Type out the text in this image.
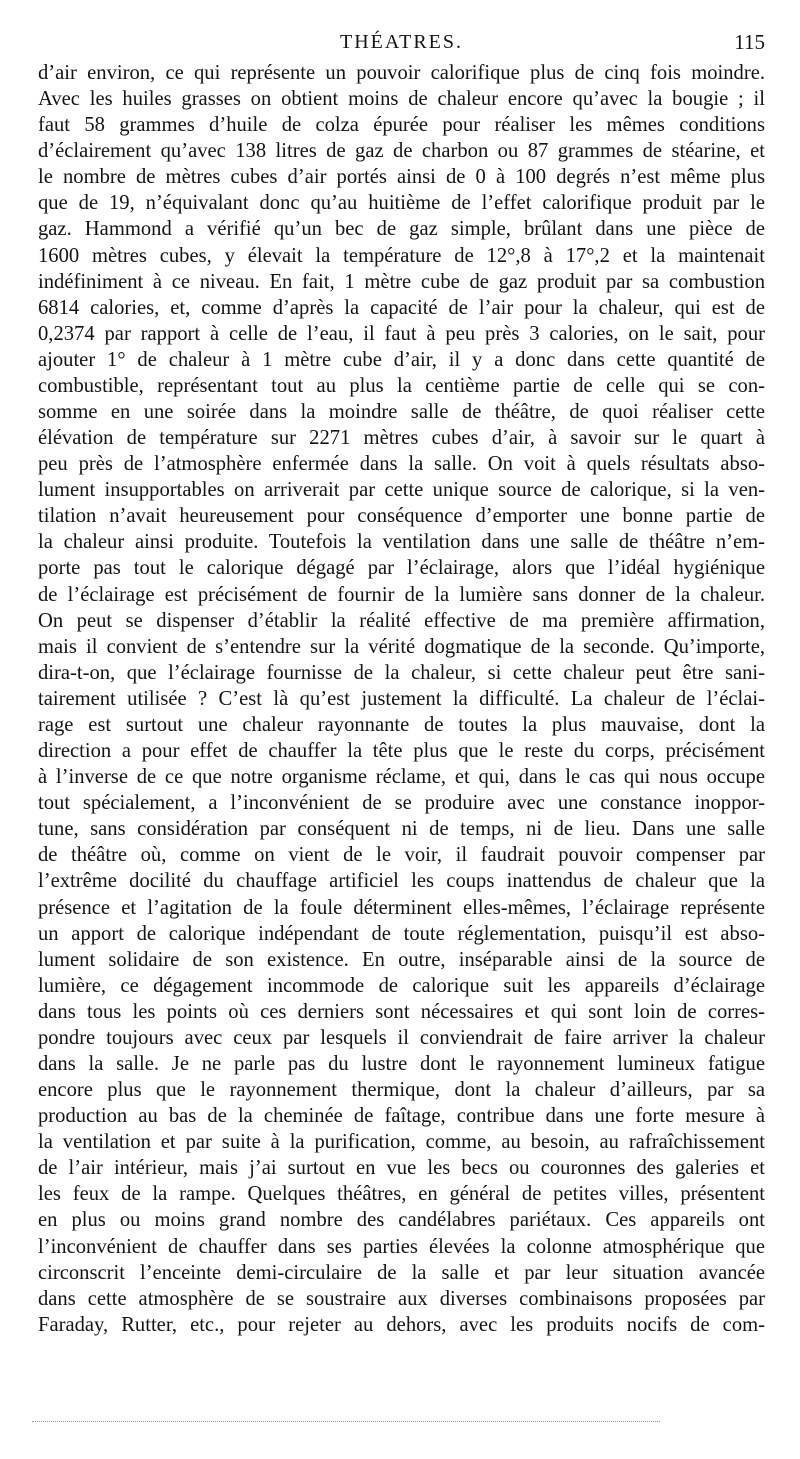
THÉATRES.	115
d’air environ, ce qui représente un pouvoir calorifique plus de cinq fois moindre.
Avec les huiles grasses on obtient moins de chaleur encore qu’avec la bougie ; il
faut 58 grammes d’huile de colza épurée pour réaliser les mêmes conditions
d’éclairement qu’avec 138 litres de gaz de charbon ou 87 grammes de stéarine, et
le nombre de mètres cubes d’air portés ainsi de 0 à 100 degrés n’est même plus
que de 19, n’équivalant donc qu’au huitième de l’effet calorifique produit par le
gaz. Hammond a vérifié qu’un bec de gaz simple, brûlant dans une pièce de
1600 mètres cubes, y élevait la température de 12°,8 à 17°,2 et la maintenait
indéfiniment à ce niveau. En fait, 1 mètre cube de gaz produit par sa combustion
6814 calories, et, comme d’après la capacité de l’air pour la chaleur, qui est de
0,2374 par rapport à celle de l’eau, il faut à peu près 3 calories, on le sait, pour
ajouter 1° de chaleur à 1 mètre cube d’air, il y a donc dans cette quantité de
combustible, représentant tout au plus la centième partie de celle qui se con-
somme en une soirée dans la moindre salle de théâtre, de quoi réaliser cette
élévation de température sur 2271 mètres cubes d’air, à savoir sur le quart à
peu près de l’atmosphère enfermée dans la salle. On voit à quels résultats abso-
lument insupportables on arriverait par cette unique source de calorique, si la ven-
tilation n’avait heureusement pour conséquence d’emporter une bonne partie de
la chaleur ainsi produite. Toutefois la ventilation dans une salle de théâtre n’em-
porte pas tout le calorique dégagé par l’éclairage, alors que l’idéal hygiénique
de l’éclairage est précisément de fournir de la lumière sans donner de la chaleur.
On peut se dispenser d’établir la réalité effective de ma première affirmation,
mais il convient de s’entendre sur la vérité dogmatique de la seconde. Qu’importe,
dira-t-on, que l’éclairage fournisse de la chaleur, si cette chaleur peut être sani-
tairement utilisée ? C’est là qu’est justement la difficulté. La chaleur de l’éclai-
rage est surtout une chaleur rayonnante de toutes la plus mauvaise, dont la
direction a pour effet de chauffer la tête plus que le reste du corps, précisément
à l’inverse de ce que notre organisme réclame, et qui, dans le cas qui nous occupe
tout spécialement, a l’inconvénient de se produire avec une constance inoppor-
tune, sans considération par conséquent ni de temps, ni de lieu. Dans une salle
de théâtre où, comme on vient de le voir, il faudrait pouvoir compenser par
l’extrême docilité du chauffage artificiel les coups inattendus de chaleur que la
présence et l’agitation de la foule déterminent elles-mêmes, l’éclairage représente
un apport de calorique indépendant de toute réglementation, puisqu’il est abso-
lument solidaire de son existence. En outre, inséparable ainsi de la source de
lumière, ce dégagement incommode de calorique suit les appareils d’éclairage
dans tous les points où ces derniers sont nécessaires et qui sont loin de corres-
pondre toujours avec ceux par lesquels il conviendrait de faire arriver la chaleur
dans la salle. Je ne parle pas du lustre dont le rayonnement lumineux fatigue
encore plus que le rayonnement thermique, dont la chaleur d’ailleurs, par sa
production au bas de la cheminée de faîtage, contribue dans une forte mesure à
la ventilation et par suite à la purification, comme, au besoin, au rafraîchissement
de l’air intérieur, mais j’ai surtout en vue les becs ou couronnes des galeries et
les feux de la rampe. Quelques théâtres, en général de petites villes, présentent
en plus ou moins grand nombre des candélabres pariétaux. Ces appareils ont
l’inconvénient de chauffer dans ses parties élevées la colonne atmosphérique que
circonscrit l’enceinte demi-circulaire de la salle et par leur situation avancée
dans cette atmosphère de se soustraire aux diverses combinaisons proposées par
Faraday, Rutter, etc., pour rejeter au dehors, avec les produits nocifs de com-
